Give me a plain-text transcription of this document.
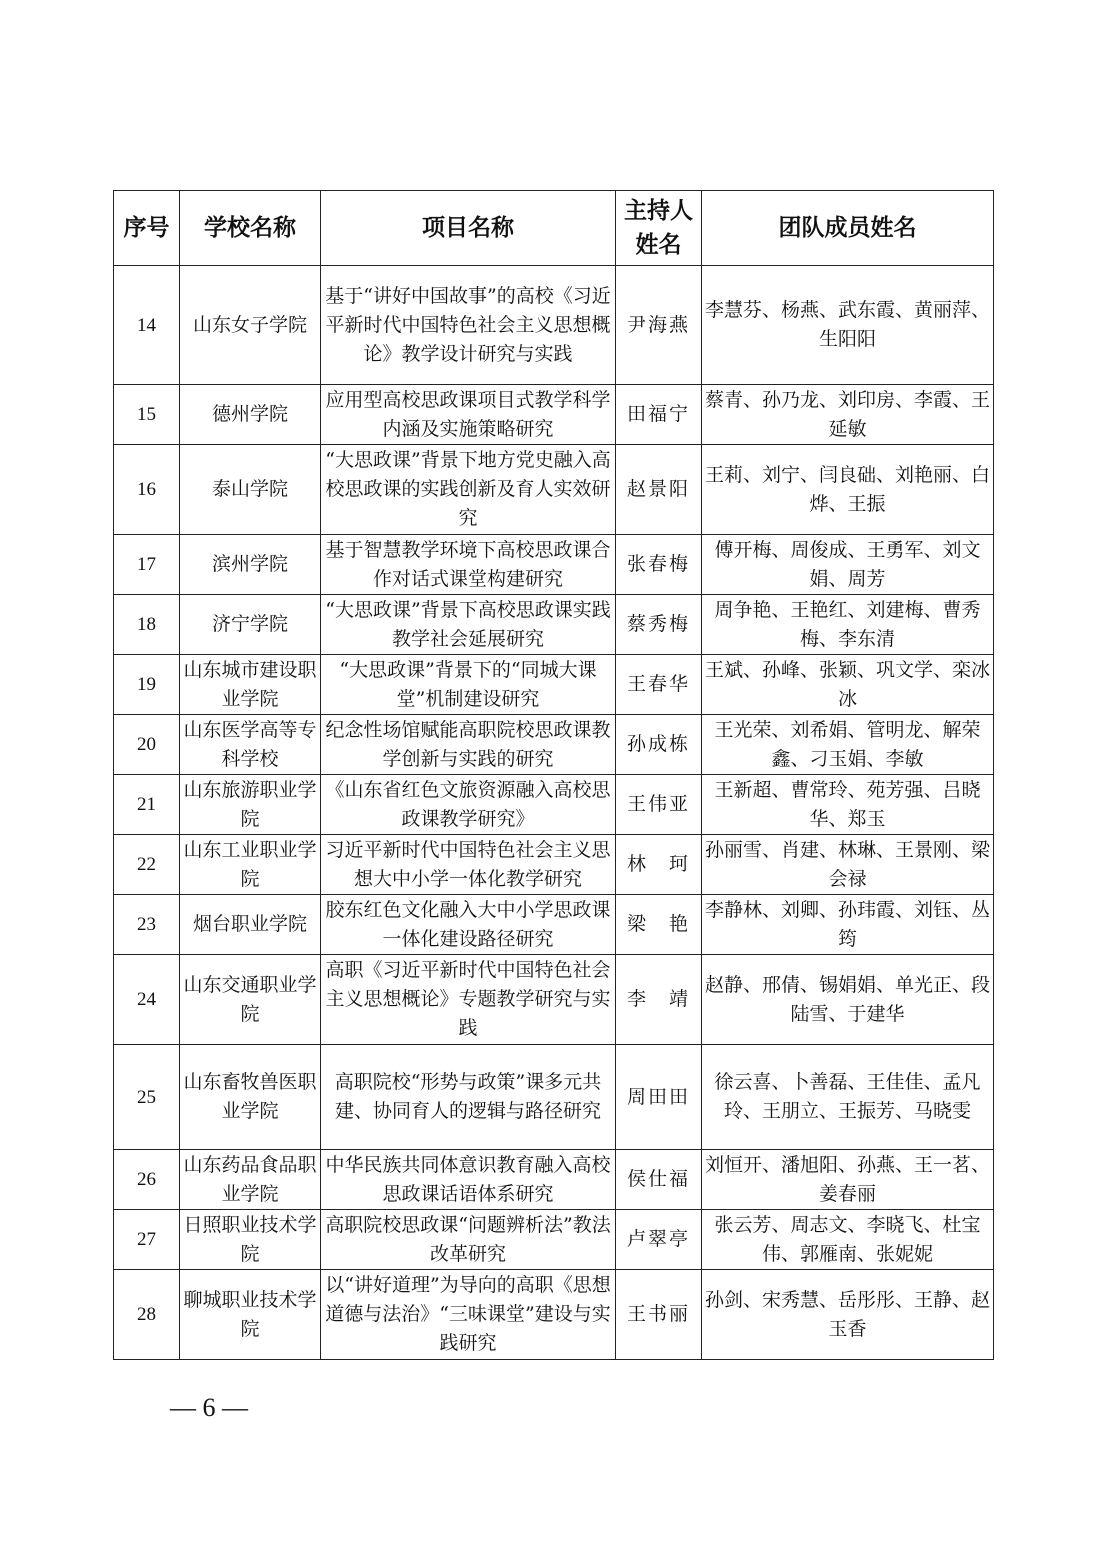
序号	学校名称	项目名称	主持人姓名	团队成员姓名
14	山东女子学院	基于“讲好中国故事”的高校《习近平新时代中国特色社会主义思想概论》教学设计研究与实践	尹海燕	李慧芬、杨燕、武东霞、黄丽萍、生阳阳
15	德州学院	应用型高校思政课项目式教学科学内涵及实施策略研究	田福宁	蔡青、孙乃龙、刘印房、李霞、王延敏
16	泰山学院	“大思政课”背景下地方党史融入高校思政课的实践创新及育人实效研究	赵景阳	王莉、刘宁、闫良础、刘艳丽、白　烨、王振
17	滨州学院	基于智慧教学环境下高校思政课合作对话式课堂构建研究	张春梅	傅开梅、周俊成、王勇军、刘文娟、周芳
18	济宁学院	“大思政课”背景下高校思政课实践教学社会延展研究	蔡秀梅	周争艳、王艳红、刘建梅、曹秀梅、李东清
19	山东城市建设职业学院	“大思政课”背景下的“同城大课堂”机制建设研究	王春华	王斌、孙峰、张颖、巩文学、栾冰冰
20	山东医学高等专科学校	纪念性场馆赋能高职院校思政课教学创新与实践的研究	孙成栋	王光荣、刘希娟、管明龙、解荣鑫、刁玉娟、李敏
21	山东旅游职业学院	《山东省红色文旅资源融入高校思政课教学研究》	王伟亚	王新超、曹常玲、苑芳强、吕晓华、郑玉
22	山东工业职业学院	习近平新时代中国特色社会主义思想大中小学一体化教学研究	林　珂	孙丽雪、肖建、林琳、王景刚、梁会禄
23	烟台职业学院	胶东红色文化融入大中小学思政课一体化建设路径研究	梁　艳	李静林、刘卿、孙玮霞、刘钰、丛筠
24	山东交通职业学院	高职《习近平新时代中国特色社会主义思想概论》专题教学研究与实践	李　靖	赵静、邢倩、锡娟娟、单光正、段陆雪、于建华
25	山东畜牧兽医职业学院	高职院校“形势与政策”课多元共建、协同育人的逻辑与路径研究	周田田	徐云喜、卜善磊、王佳佳、孟凡玲、王朋立、王振芳、马晓雯
26	山东药品食品职业学院	中华民族共同体意识教育融入高校思政课话语体系研究	侯仕福	刘恒开、潘旭阳、孙燕、王一茗、姜春丽
27	日照职业技术学院	高职院校思政课“问题辨析法”教法改革研究	卢翠亭	张云芳、周志文、李晓飞、杜宝伟、郭雁南、张妮妮
28	聊城职业技术学院	以“讲好道理”为导向的高职《思想道德与法治》“三味课堂”建设与实践研究	王书丽	孙剑、宋秀慧、岳彤彤、王静、赵玉香
— 6 —
